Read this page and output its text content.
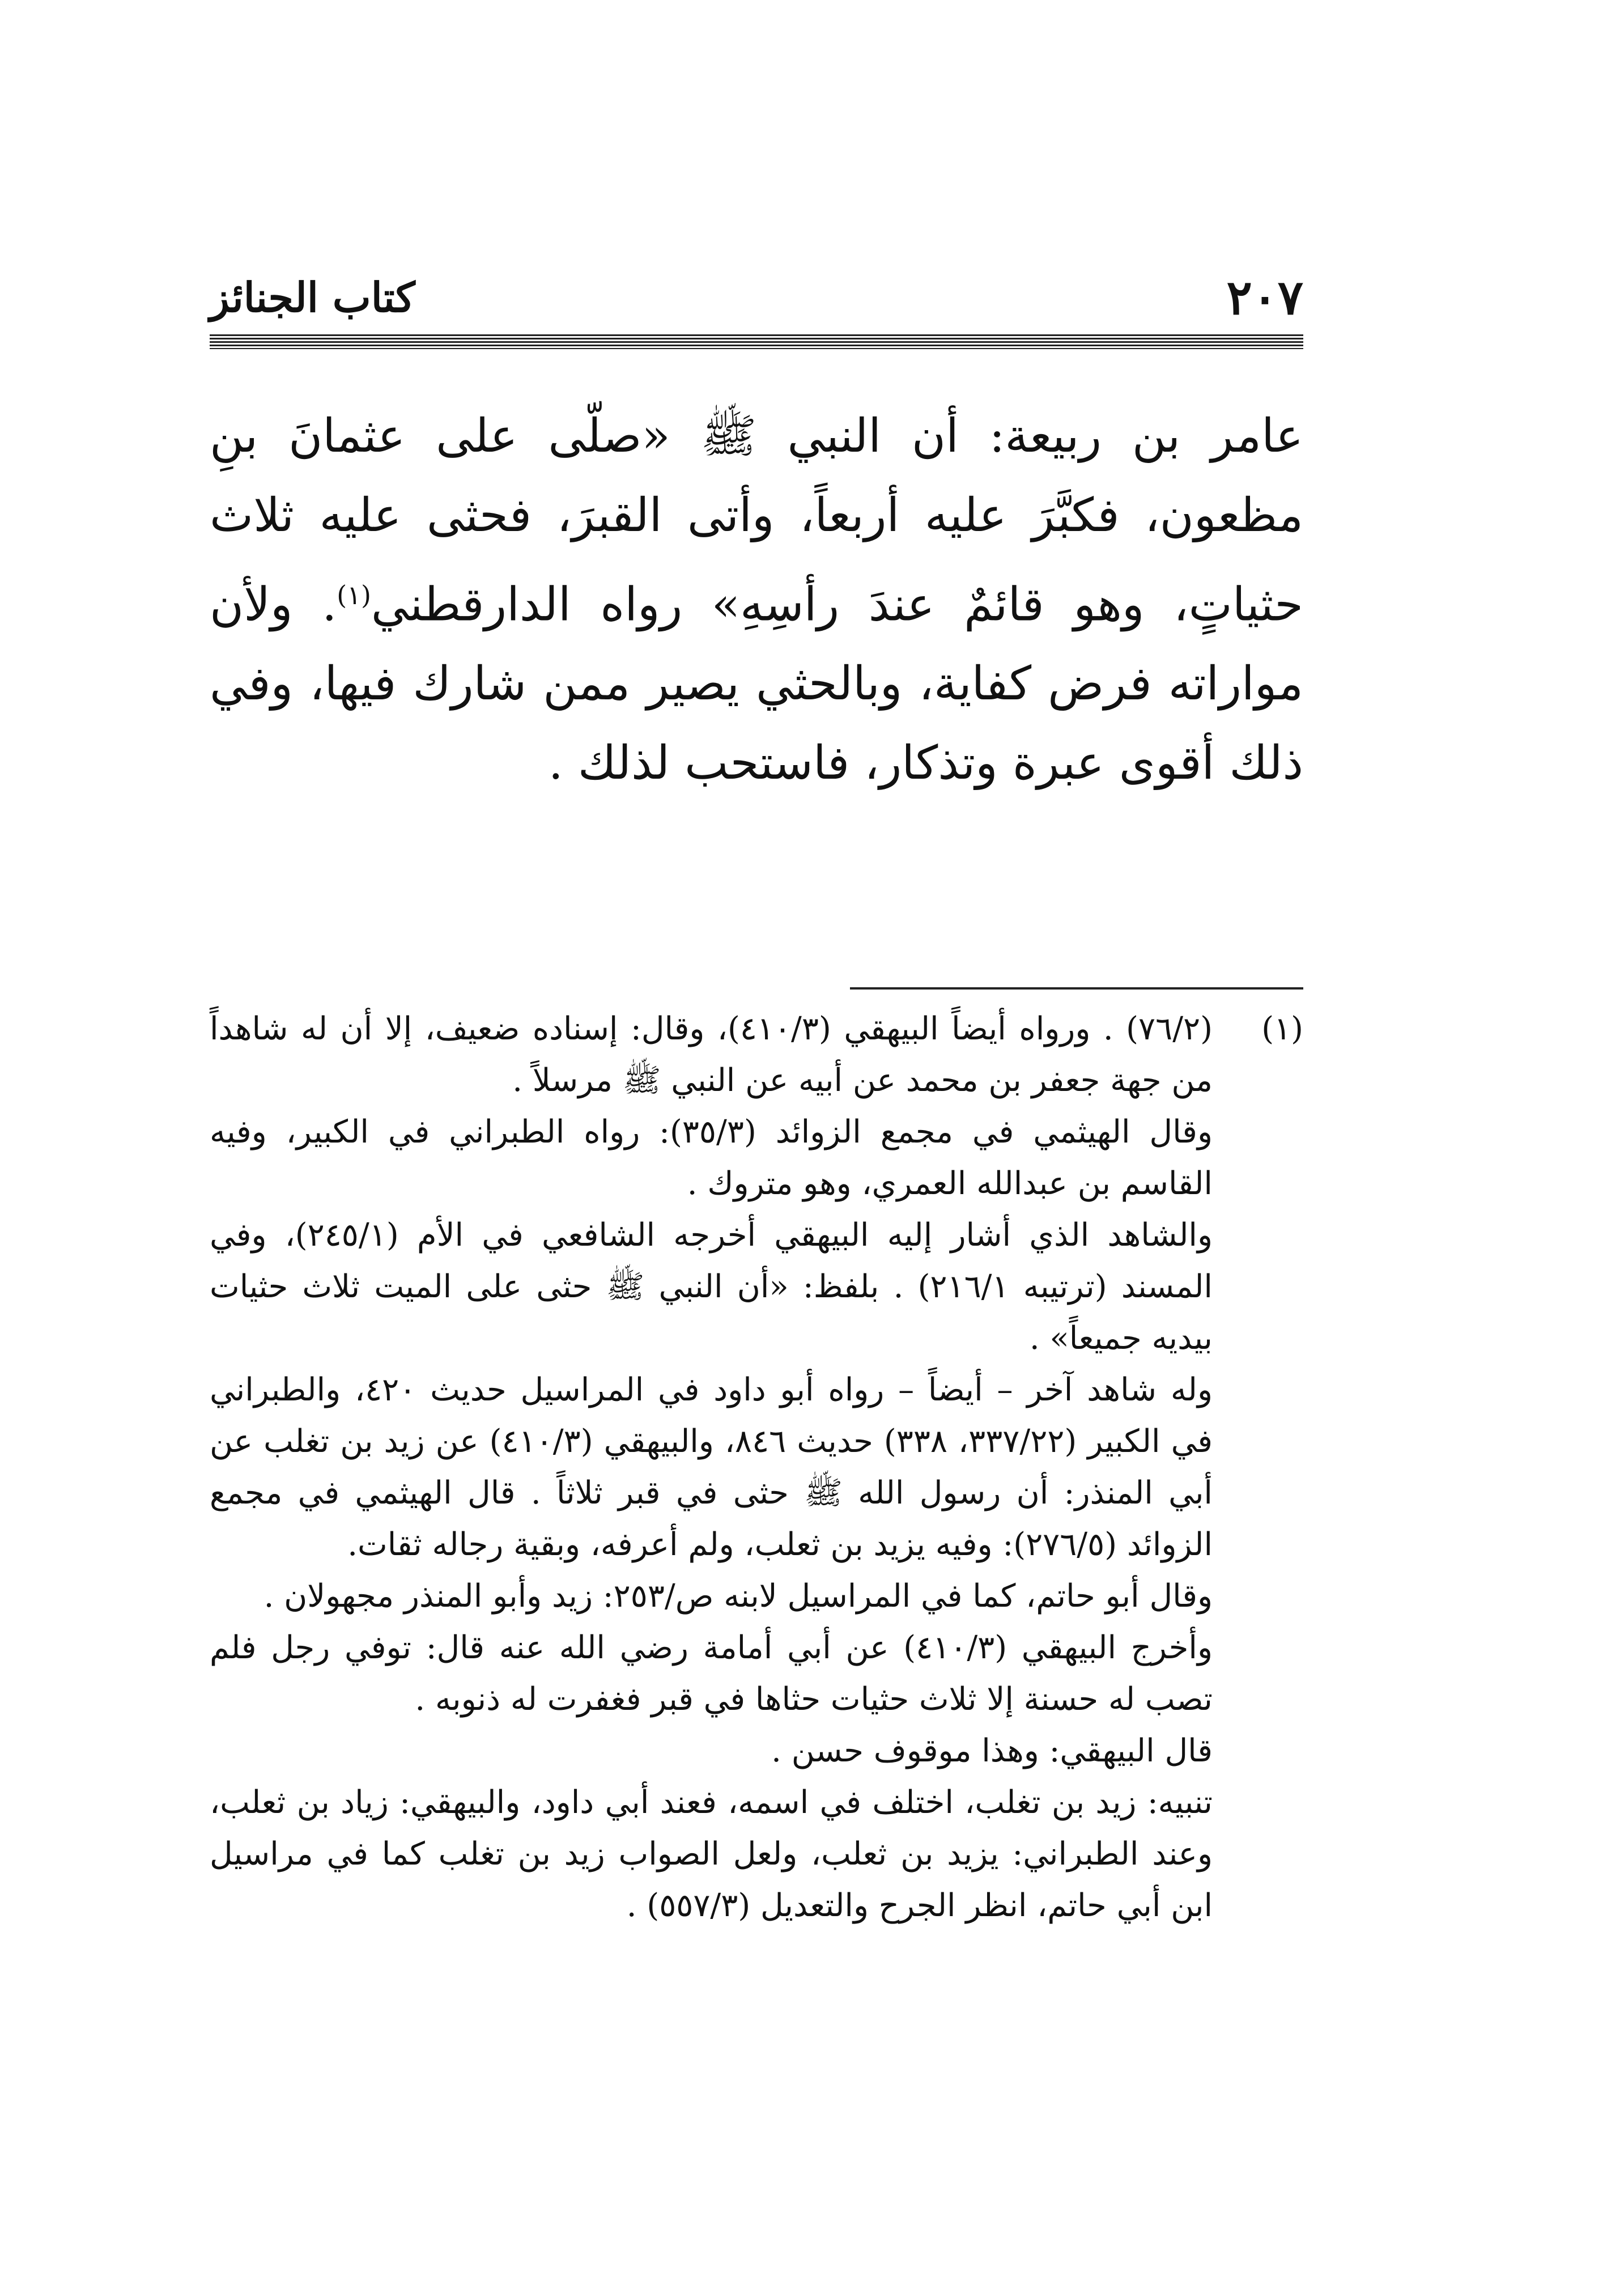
٢٠٧
كتاب الجنائز

عامر بن ربيعة: أن النبي ﷺ «صلّى على عثمانَ بنِ مظعون، فكبَّرَ عليه أربعاً، وأتى القبرَ، فحثى عليه ثلاث حثياتٍ، وهو قائمٌ عندَ رأسِهِ» رواه الدارقطني$^{(١)}$. ولأن مواراته فرض كفاية، وبالحثي يصير ممن شارك فيها، وفي ذلك أقوى عبرة وتذكار، فاستحب لذلك .

(١)

(٧٦/٢) . ورواه أيضاً البيهقي (٤١٠/٣)، وقال: إسناده ضعيف، إلا أن له شاهداً من جهة جعفر بن محمد عن أبيه عن النبي ﷺ مرسلاً .

وقال الهيثمي في مجمع الزوائد (٣٥/٣): رواه الطبراني في الكبير، وفيه القاسم بن عبدالله العمري، وهو متروك .

والشاهد الذي أشار إليه البيهقي أخرجه الشافعي في الأم (٢٤٥/١)، وفي المسند (ترتيبه ٢١٦/١) . بلفظ: «أن النبي ﷺ حثى على الميت ثلاث حثيات بيديه جميعاً» .

وله شاهد آخر – أيضاً – رواه أبو داود في المراسيل حديث ٤٢٠، والطبراني في الكبير (٣٣٧/٢٢، ٣٣٨) حديث ٨٤٦، والبيهقي (٤١٠/٣) عن زيد بن تغلب عن أبي المنذر: أن رسول الله ﷺ حثى في قبر ثلاثاً . قال الهيثمي في مجمع الزوائد (٢٧٦/٥): وفيه يزيد بن ثعلب، ولم أعرفه، وبقية رجاله ثقات.

وقال أبو حاتم، كما في المراسيل لابنه ص/٢٥٣: زيد وأبو المنذر مجهولان .

وأخرج البيهقي (٤١٠/٣) عن أبي أمامة رضي الله عنه قال: توفي رجل فلم تصب له حسنة إلا ثلاث حثيات حثاها في قبر فغفرت له ذنوبه .

قال البيهقي: وهذا موقوف حسن .

تنبيه: زيد بن تغلب، اختلف في اسمه، فعند أبي داود، والبيهقي: زياد بن ثعلب، وعند الطبراني: يزيد بن ثعلب، ولعل الصواب زيد بن تغلب كما في مراسيل ابن أبي حاتم، انظر الجرح والتعديل (٥٥٧/٣) .
